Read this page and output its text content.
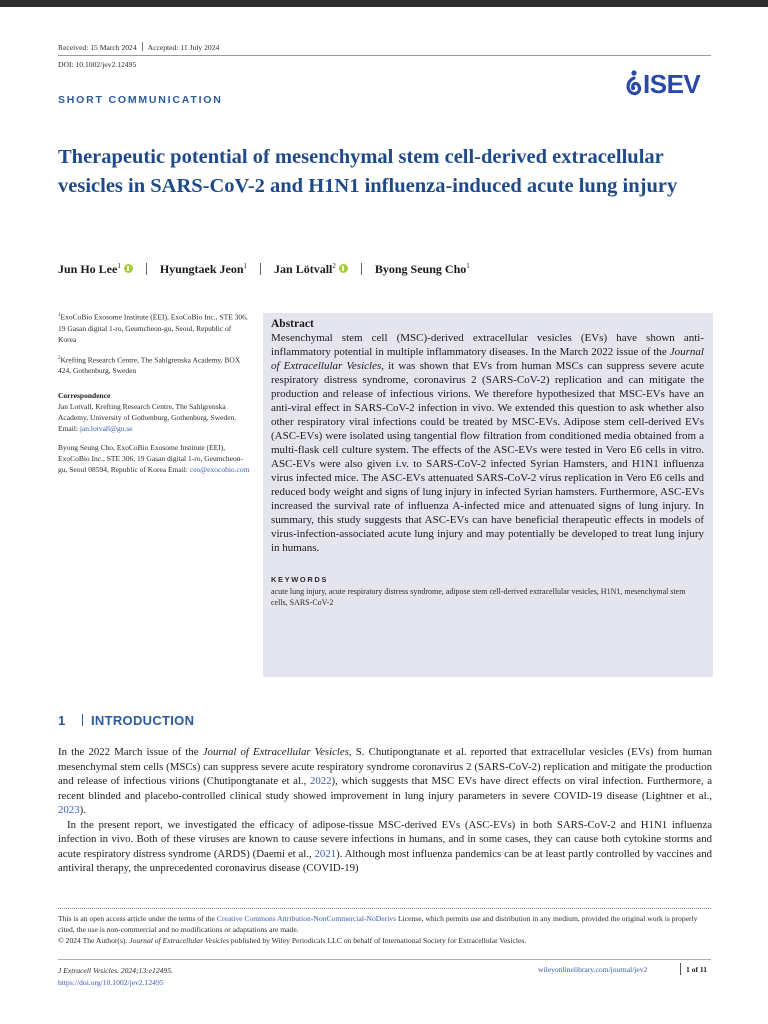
Received: 15 March 2024 Accepted: 11 July 2024
DOI: 10.1002/jev2.12495
ISEV
SHORT COMMUNICATION
Therapeutic potential of mesenchymal stem cell-derived extracellular vesicles in SARS-CoV-2 and H1N1 influenza-induced acute lung injury
Jun Ho Lee$^1$	Hyungtaek Jeon$^1$ Jan Lötvall$^2$	Byong Seung Cho$^1$

$^1$ExoCoBio Exosome Institute (EEI), ExoCoBio Inc., STE 306, 19 Gasan digital 1-ro, Geumcheon-gu, Seoul, Republic of Korea

$^2$Krefting Research Centre, The Sahlgrenska Academy, BOX 424, Gothenburg, Sweden

Correspondence

Jan Lotvall, Krefting Research Centre, The Sahlgrenska Academy, University of Gothenburg, Gothenburg, Sweden. Email: jan.lotvall@gu.se

Byong Seung Cho, ExoCoBio Exosome Institute (EEI), ExoCoBio Inc., STE 306, 19 Gasan digital 1-ro, Geumcheon-gu, Seoul 08594, Republic of Korea Email: ceo@exocobio.com

Abstract

Mesenchymal stem cell (MSC)-derived extracellular vesicles (EVs) have shown anti-inflammatory potential in multiple inflammatory diseases. In the March 2022 issue of the Journal of Extracellular Vesicles, it was shown that EVs from human MSCs can suppress severe acute respiratory distress syndrome, coronavirus 2 (SARS-CoV-2) replication and can mitigate the production and release of infectious virions. We therefore hypothesized that MSC-EVs have an anti-viral effect in SARS-CoV-2 infection in vivo. We extended this question to ask whether also other respiratory viral infections could be treated by MSC-EVs. Adipose stem cell-derived EVs (ASC-EVs) were isolated using tangential flow filtration from conditioned media obtained from a multi-flask cell culture system. The effects of the ASC-EVs were tested in Vero E6 cells in vitro. ASC-EVs were also given i.v. to SARS-CoV-2 infected Syrian Hamsters, and H1N1 influenza virus infected mice. The ASC-EVs attenuated SARS-CoV-2 virus replication in Vero E6 cells and reduced body weight and signs of lung injury in infected Syrian hamsters. Furthermore, ASC-EVs increased the survival rate of influenza A-infected mice and attenuated signs of lung injury. In summary, this study suggests that ASC-EVs can have beneficial therapeutic effects in models of virus-infection-associated acute lung injury and may potentially be developed to treat lung injury in humans.

KEYWORDS

acute lung injury, acute respiratory distress syndrome, adipose stem cell-derived extracellular vesicles, H1N1, mesenchymal stem cells, SARS-CoV-2

1 INTRODUCTION

In the 2022 March issue of the Journal of Extracellular Vesicles, S. Chutipongtanate et al. reported that extracellular vesicles (EVs) from human mesenchymal stem cells (MSCs) can suppress severe acute respiratory syndrome coronavirus 2 (SARS-CoV-2) replication and mitigate the production and release of infectious virions (Chutipongtanate et al., 2022), which suggests that MSC EVs have direct effects on viral infection. Furthermore, a recent blinded and placebo-controlled clinical study showed improvement in lung injury parameters in severe COVID-19 disease (Lightner et al., 2023).

In the present report, we investigated the efficacy of adipose-tissue MSC-derived EVs (ASC-EVs) in both SARS-CoV-2 and H1N1 influenza infection in vivo. Both of these viruses are known to cause severe infections in humans, and in some cases, they can cause both cytokine storms and acute respiratory distress syndrome (ARDS) (Daemi et al., 2021). Although most influenza pandemics can be at least partly controlled by vaccines and antiviral therapy, the unprecedented coronavirus disease (COVID-19)

This is an open access article under the terms of the Creative Commons Attribution-NonCommercial-NoDerivs License, which permits use and distribution in any medium, provided the original work is properly cited, the use is non-commercial and no modifications or adaptations are made.

© 2024 The Author(s). Journal of Extracellular Vesicles published by Wiley Periodicals LLC on behalf of International Society for Extracellular Vesicles.

J Extracell Vesicles. 2024;13:e12495.
https://doi.org/10.1002/jev2.12495
wileyonlinelibrary.com/journal/jev2	1 of 11
